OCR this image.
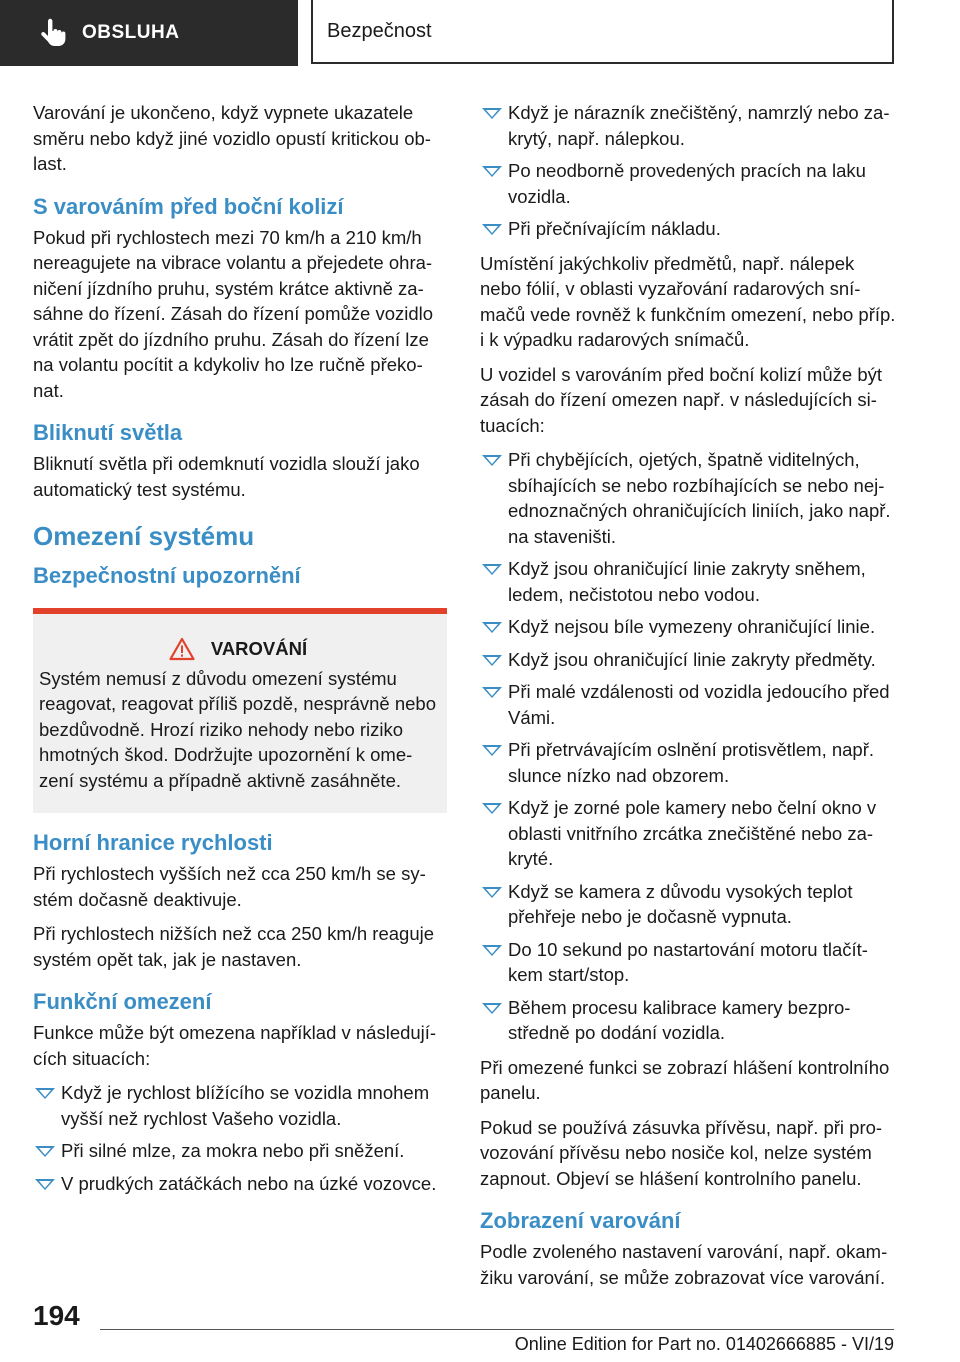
OBSLUHA	Bezpečnost

Varování je ukončeno, když vypnete ukazatele směru nebo když jiné vozidlo opustí kritickou ob-last.

S varováním před boční kolizí

Pokud při rychlostech mezi 70 km/h a 210 km/h nereagujete na vibrace volantu a přejedete ohra-ničení jízdního pruhu, systém krátce aktivně za-sáhne do řízení. Zásah do řízení pomůže vozidlo vrátit zpět do jízdního pruhu. Zásah do řízení lze na volantu pocítit a kdykoliv ho lze ručně překo-nat.

Bliknutí světla

Bliknutí světla při odemknutí vozidla slouží jako automatický test systému.

Omezení systému
Bezpečnostní upozornění
VAROVÁNÍ

Systém nemusí z důvodu omezení systému reagovat, reagovat příliš pozdě, nesprávně nebo bezdůvodně. Hrozí riziko nehody nebo riziko hmotných škod. Dodržujte upozornění k ome-zení systému a případně aktivně zasáhněte.

Horní hranice rychlosti

Při rychlostech vyšších než cca 250 km/h se sy-stém dočasně deaktivuje.

Při rychlostech nižších než cca 250 km/h reaguje systém opět tak, jak je nastaven.

Funkční omezení

Funkce může být omezena například v následují-cích situacích:

Když je rychlost blížícího se vozidla mnohem vyšší než rychlost Vašeho vozidla.
Při silné mlze, za mokra nebo při sněžení.
V prudkých zatáčkách nebo na úzké vozovce.
Když je nárazník znečištěný, namrzlý nebo za-krytý, např. nálepkou.
Po neodborně provedených pracích na laku vozidla.
Při přečnívajícím nákladu.

Umístění jakýchkoliv předmětů, např. nálepek nebo fólií, v oblasti vyzařování radarových sní-mačů vede rovněž k funkčním omezení, nebo příp. i k výpadku radarových snímačů.

U vozidel s varováním před boční kolizí může být zásah do řízení omezen např. v následujících si-tuacích:

Při chybějících, ojetých, špatně viditelných, sbíhajících se nebo rozbíhajících se nebo nej-ednoznačných ohraničujících liniích, jako např. na staveništi.
Když jsou ohraničující linie zakryty sněhem, ledem, nečistotou nebo vodou.
Když nejsou bíle vymezeny ohraničující linie.
Když jsou ohraničující linie zakryty předměty.
Při malé vzdálenosti od vozidla jedoucího před Vámi.
Při přetrvávajícím oslnění protisvětlem, např. slunce nízko nad obzorem.
Když je zorné pole kamery nebo čelní okno v oblasti vnitřního zrcátka znečištěné nebo za-kryté.
Když se kamera z důvodu vysokých teplot přehřeje nebo je dočasně vypnuta.
Do 10 sekund po nastartování motoru tlačít-kem start/stop.
Během procesu kalibrace kamery bezpro-středně po dodání vozidla.

Při omezené funkci se zobrazí hlášení kontrolního panelu.

Pokud se používá zásuvka přívěsu, např. při pro-vozování přívěsu nebo nosiče kol, nelze systém zapnout. Objeví se hlášení kontrolního panelu.

Zobrazení varování

Podle zvoleného nastavení varování, např. okam-žiku varování, se může zobrazovat více varování.

194
Online Edition for Part no. 01402666885 - VI/19
